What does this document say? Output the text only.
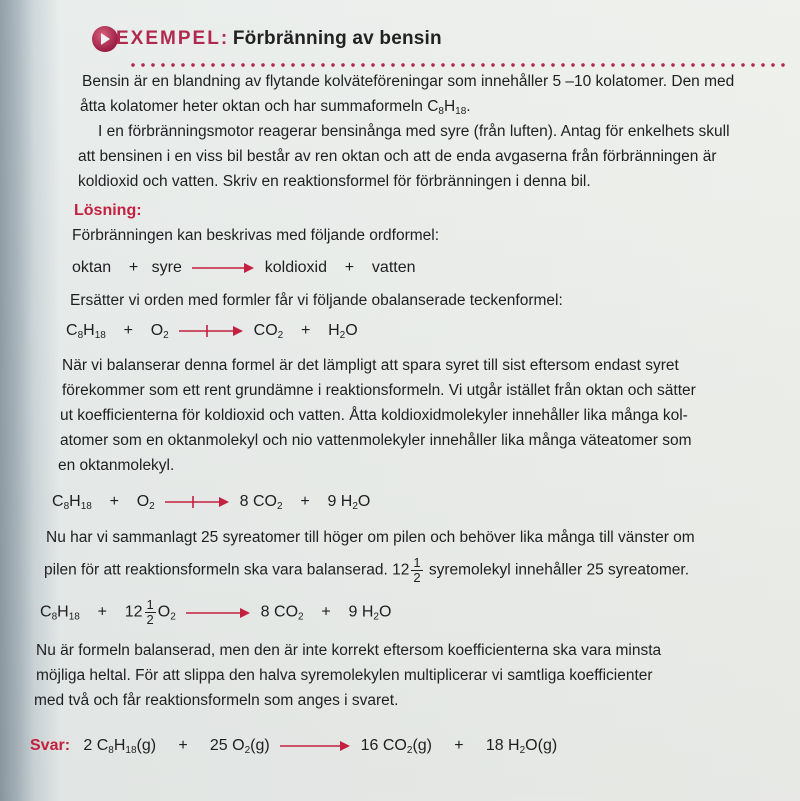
EXEMPEL: Förbränning av bensin
Bensin är en blandning av flytande kolväteföreningar som innehåller 5 –10 kolatomer. Den med
åtta kolatomer heter oktan och har summaformeln $C_8H_{18}$.
I en förbränningsmotor reagerar bensinånga med syre (från luften). Antag för enkelhets skull
att bensinen i en viss bil består av ren oktan och att de enda avgaserna från förbränningen är
koldioxid och vatten. Skriv en reaktionsformel för förbränningen i denna bil.
Lösning:
Förbränningen kan beskrivas med följande ordformel:
oktan + syre → koldioxid + vatten
Ersätter vi orden med formler får vi följande obalanserade teckenformel:
$C_8H_{18} + O_2 \to CO_2 + H_2O$
När vi balanserar denna formel är det lämpligt att spara syret till sist eftersom endast syret
förekommer som ett rent grundämne i reaktionsformeln. Vi utgår istället från oktan och sätter
ut koefficienterna för koldioxid och vatten. Åtta koldioxidmolekyler innehåller lika många kol-
atomer som en oktanmolekyl och nio vattenmolekyler innehåller lika många väteatomer som
en oktanmolekyl.
$C_8H_{18} + O_2 \to 8$ $CO_2 + 9$ $H_2O$
Nu har vi sammanlagt 25 syreatomer till höger om pilen och behöver lika många till vänster om
pilen för att reaktionsformeln ska vara balanserad. $12 \frac{1}{2}$ syremolekyl innehåller 25 syreatomer.
$C_8H_{18} + 12 \frac{1}{2} O_2 \to 8$ $CO_2 + 9$ $H_2O$
Nu är formeln balanserad, men den är inte korrekt eftersom koefficienterna ska vara minsta
möjliga heltal. För att slippa den halva syremolekylen multiplicerar vi samtliga koefficienter
med två och får reaktionsformeln som anges i svaret.
Svar: 2 $C_8H_{18}(g) + 25$ $O_2(g)$	16 $CO_2(g) + 18$ $H_2O(g)$
